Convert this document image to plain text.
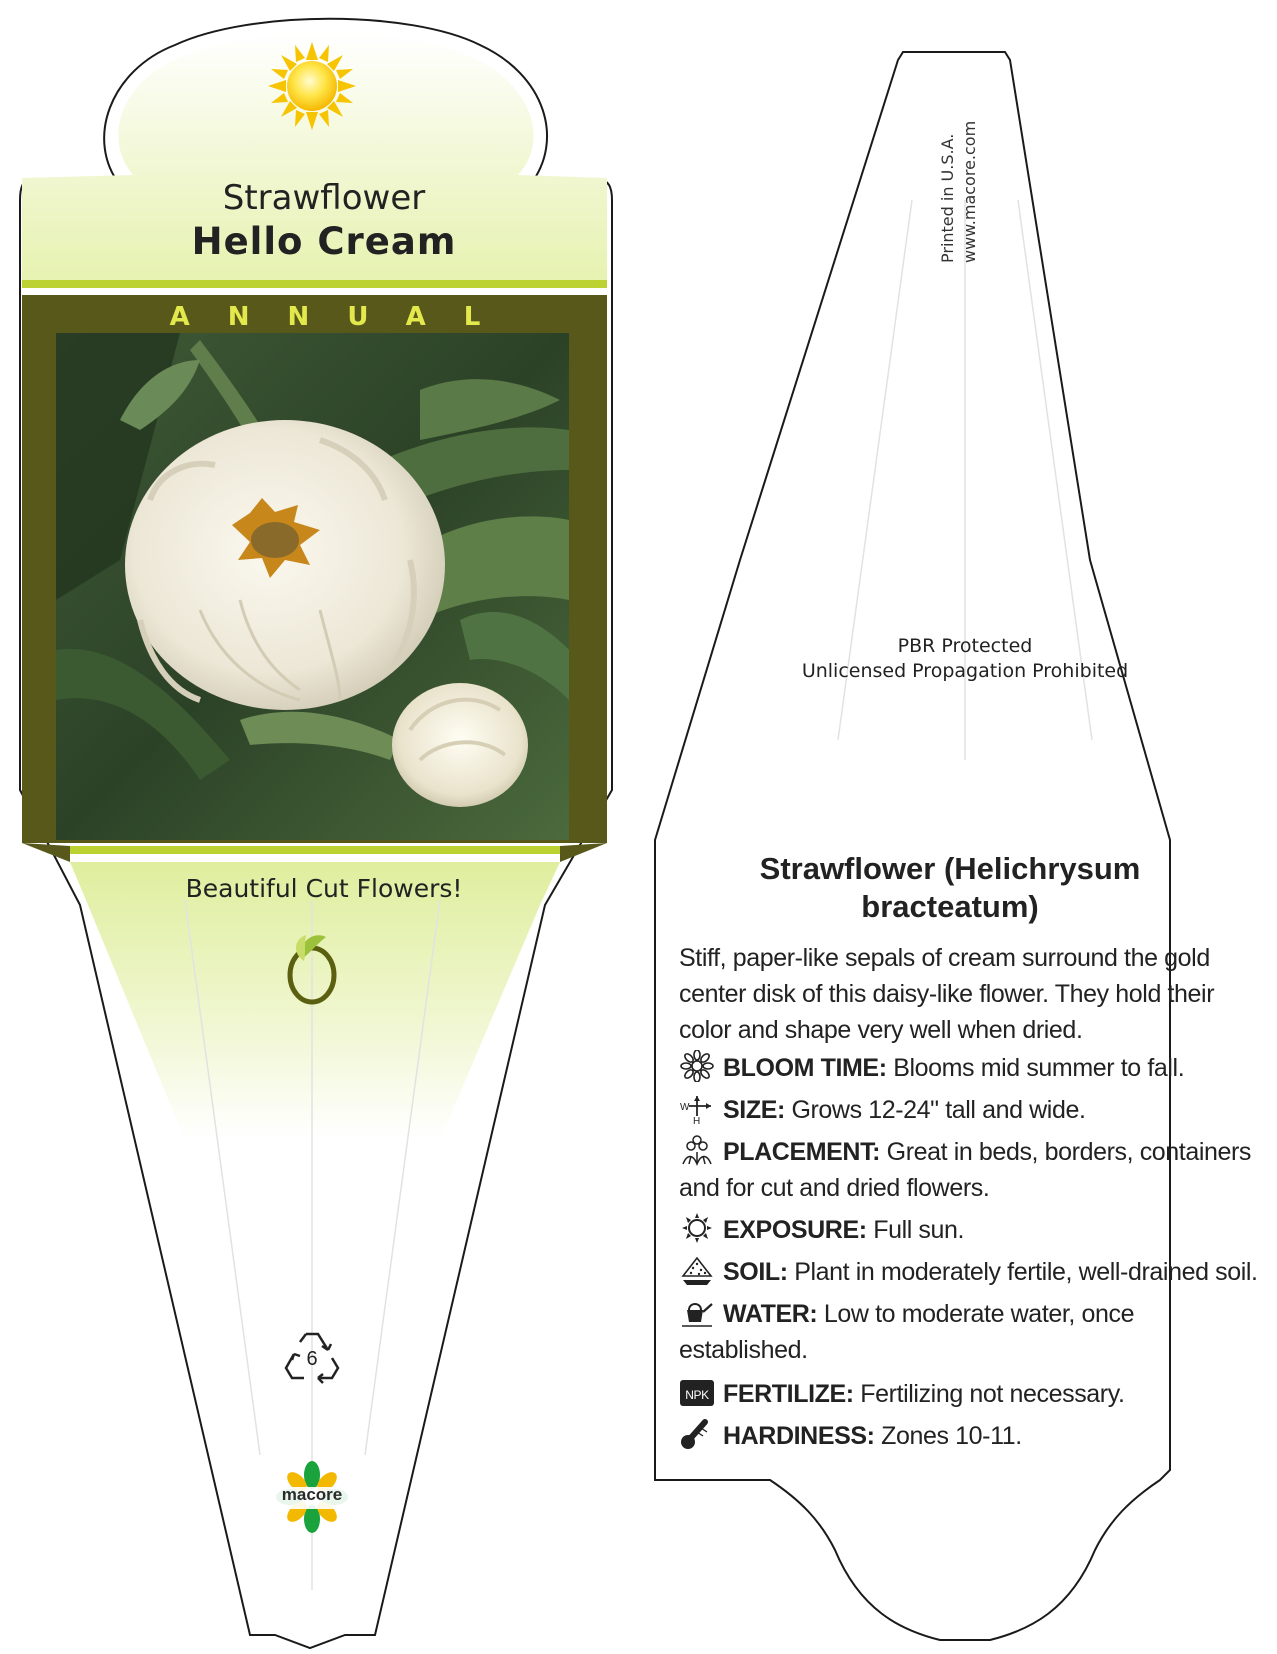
Strawflower
Hello Cream
ANNUAL
Beautiful Cut Flowers!
6
macore
Printed in U.S.A. www.macore.com
PBR Protected
Unlicensed Propagation Prohibited
Strawflower (Helichrysum bracteatum)
Stiff, paper-like sepals of cream surround the gold center disk of this daisy-like flower. They hold their color and shape very well when dried.
BLOOM TIME: Blooms mid summer to fall.
W
H SIZE: Grows 12-24" tall and wide.
PLACEMENT: Great in beds, borders, containers and for cut and dried flowers.
EXPOSURE: Full sun.
SOIL: Plant in moderately fertile, well-drained soil.
WATER: Low to moderate water, once established.
NPK FERTILIZE: Fertilizing not necessary.
HARDINESS: Zones 10-11.
